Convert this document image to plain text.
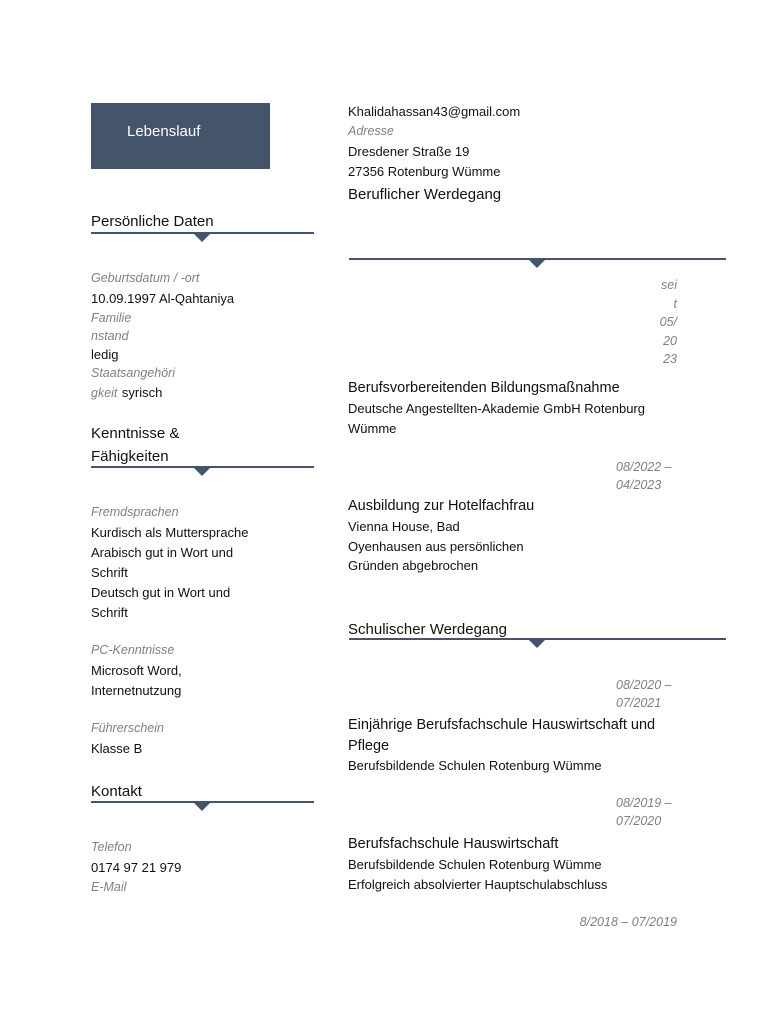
Lebenslauf
Persönliche Daten
Geburtsdatum / -ort
10.09.1997 Al-Qahtaniya
Familie
nstand
ledig
Staatsangehöri
gkeit syrisch
Kenntnisse &
Fähigkeiten
Fremdsprachen
Kurdisch als Muttersprache
Arabisch gut in Wort und
Schrift
Deutsch gut in Wort und
Schrift
PC-Kenntnisse
Microsoft Word,
Internetnutzung
Führerschein
Klasse B
Kontakt
Telefon
0174 97 21 979
E-Mail
Khalidahassan43@gmail.com
Adresse
Dresdener Straße 19
27356 Rotenburg Wümme
Beruflicher Werdegang
sei
t
05/
20
23
Berufsvorbereitenden Bildungsmaßnahme
Deutsche Angestellten-Akademie GmbH Rotenburg
Wümme
08/2022 –
04/2023
Ausbildung zur Hotelfachfrau
Vienna House, Bad
Oyenhausen aus persönlichen
Gründen abgebrochen
Schulischer Werdegang
08/2020 –
07/2021
Einjährige Berufsfachschule Hauswirtschaft und
Pflege
Berufsbildende Schulen Rotenburg Wümme
08/2019 –
07/2020
Berufsfachschule Hauswirtschaft
Berufsbildende Schulen Rotenburg Wümme
Erfolgreich absolvierter Hauptschulabschluss
8/2018 – 07/2019
